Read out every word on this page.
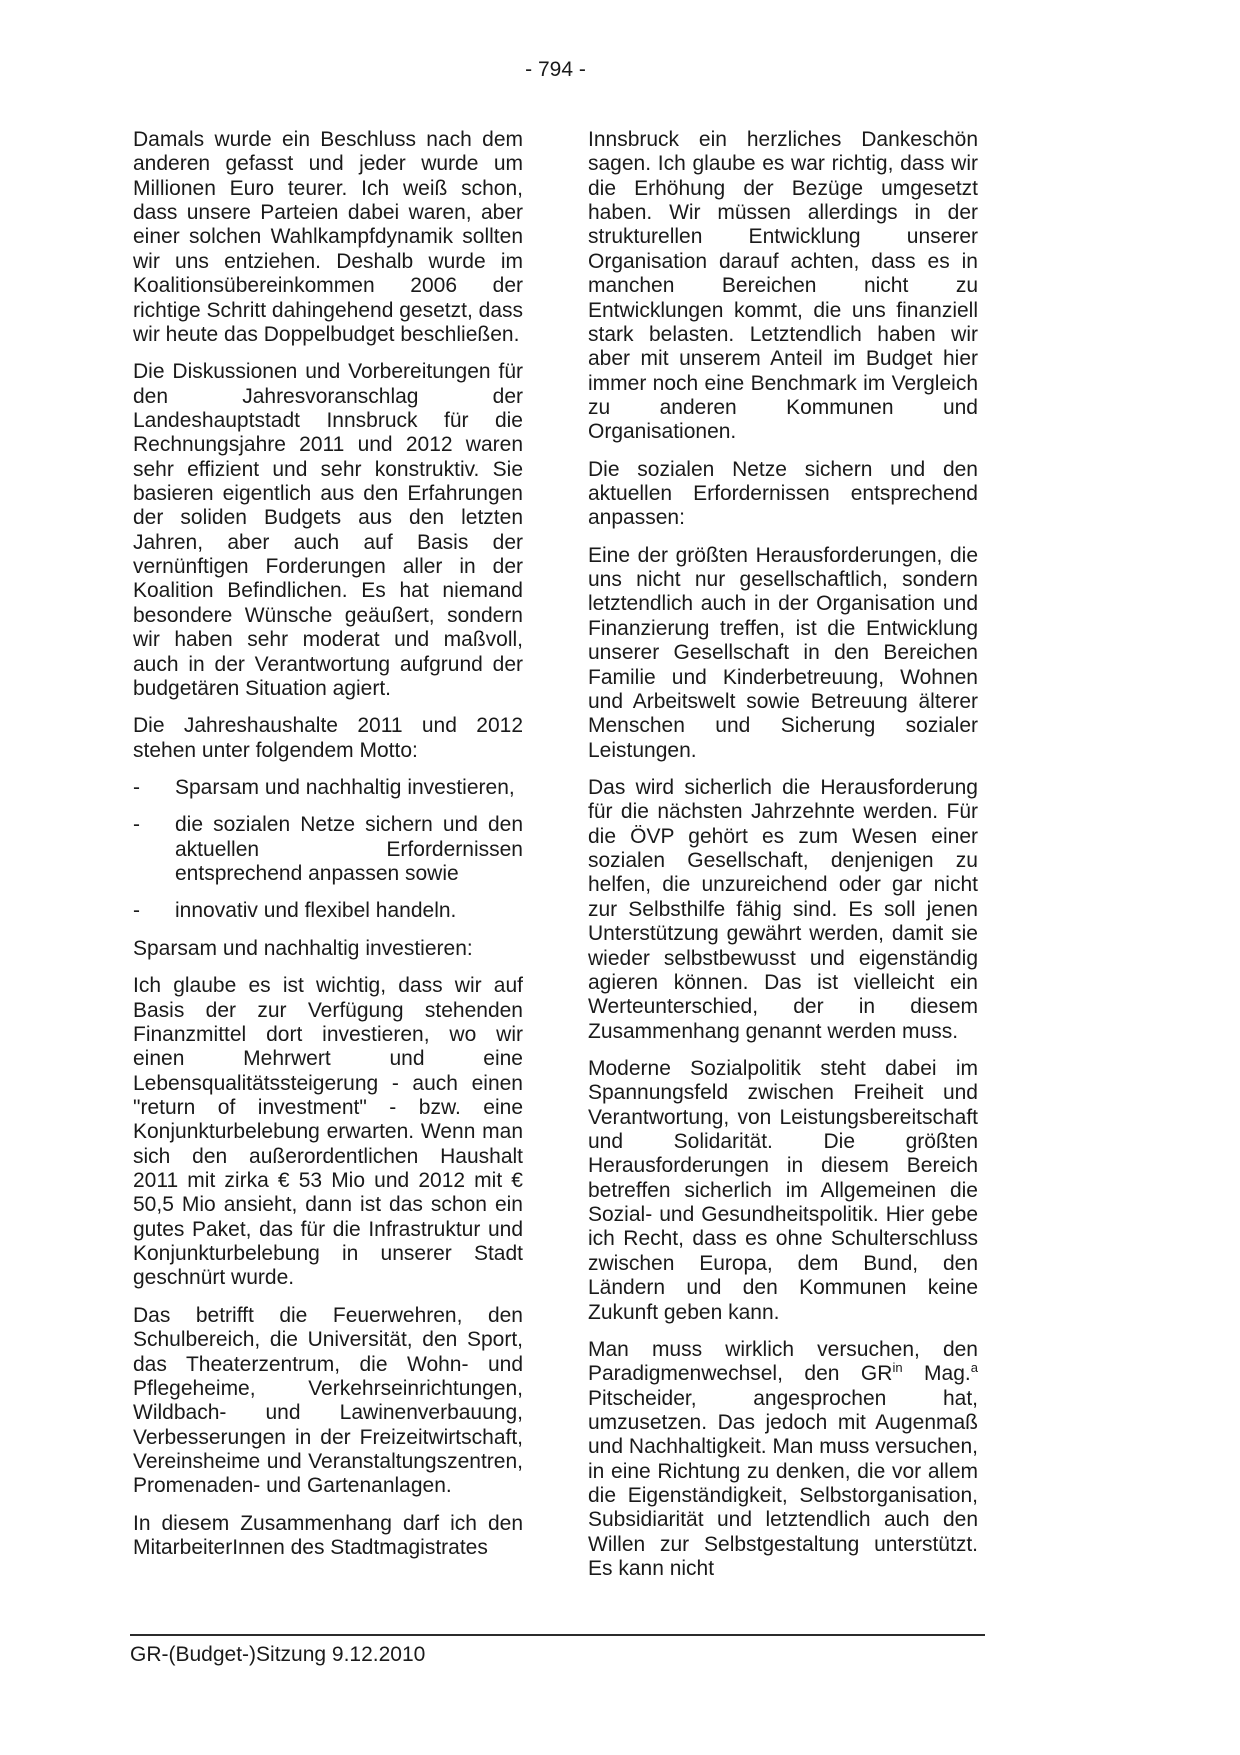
- 794 -

Damals wurde ein Beschluss nach dem anderen gefasst und jeder wurde um Millionen Euro teurer. Ich weiß schon, dass unsere Parteien dabei waren, aber einer solchen Wahlkampfdynamik sollten wir uns entziehen. Deshalb wurde im Koalitionsübereinkommen 2006 der richtige Schritt dahingehend gesetzt, dass wir heute das Doppelbudget beschließen.

Die Diskussionen und Vorbereitungen für den Jahresvoranschlag der Landeshauptstadt Innsbruck für die Rechnungsjahre 2011 und 2012 waren sehr effizient und sehr konstruktiv. Sie basieren eigentlich aus den Erfahrungen der soliden Budgets aus den letzten Jahren, aber auch auf Basis der vernünftigen Forderungen aller in der Koalition Befindlichen. Es hat niemand besondere Wünsche geäußert, sondern wir haben sehr moderat und maßvoll, auch in der Verantwortung aufgrund der budgetären Situation agiert.

Die Jahreshaushalte 2011 und 2012 stehen unter folgendem Motto:

-	Sparsam und nachhaltig investieren,
-	die sozialen Netze sichern und den aktuellen Erfordernissen entsprechend anpassen sowie
-	innovativ und flexibel handeln.

Sparsam und nachhaltig investieren:

Ich glaube es ist wichtig, dass wir auf Basis der zur Verfügung stehenden Finanzmittel dort investieren, wo wir einen Mehrwert und eine Lebensqualitätssteigerung - auch einen "return of investment" - bzw. eine Konjunkturbelebung erwarten. Wenn man sich den außerordentlichen Haushalt 2011 mit zirka € 53 Mio und 2012 mit € 50,5 Mio ansieht, dann ist das schon ein gutes Paket, das für die Infrastruktur und Konjunkturbelebung in unserer Stadt geschnürt wurde.

Das betrifft die Feuerwehren, den Schulbereich, die Universität, den Sport, das Theaterzentrum, die Wohn- und Pflegeheime, Verkehrseinrichtungen, Wildbach- und Lawinenverbauung, Verbesserungen in der Freizeitwirtschaft, Vereinsheime und Veranstaltungszentren, Promenaden- und Gartenanlagen.

In diesem Zusammenhang darf ich den MitarbeiterInnen des Stadtmagistrates

Innsbruck ein herzliches Dankeschön sagen. Ich glaube es war richtig, dass wir die Erhöhung der Bezüge umgesetzt haben. Wir müssen allerdings in der strukturellen Entwicklung unserer Organisation darauf achten, dass es in manchen Bereichen nicht zu Entwicklungen kommt, die uns finanziell stark belasten. Letztendlich haben wir aber mit unserem Anteil im Budget hier immer noch eine Benchmark im Vergleich zu anderen Kommunen und Organisationen.

Die sozialen Netze sichern und den aktuellen Erfordernissen entsprechend anpassen:

Eine der größten Herausforderungen, die uns nicht nur gesellschaftlich, sondern letztendlich auch in der Organisation und Finanzierung treffen, ist die Entwicklung unserer Gesellschaft in den Bereichen Familie und Kinderbetreuung, Wohnen und Arbeitswelt sowie Betreuung älterer Menschen und Sicherung sozialer Leistungen.

Das wird sicherlich die Herausforderung für die nächsten Jahrzehnte werden. Für die ÖVP gehört es zum Wesen einer sozialen Gesellschaft, denjenigen zu helfen, die unzureichend oder gar nicht zur Selbsthilfe fähig sind. Es soll jenen Unterstützung gewährt werden, damit sie wieder selbstbewusst und eigenständig agieren können. Das ist vielleicht ein Werteunterschied, der in diesem Zusammenhang genannt werden muss.

Moderne Sozialpolitik steht dabei im Spannungsfeld zwischen Freiheit und Verantwortung, von Leistungsbereitschaft und Solidarität. Die größten Herausforderungen in diesem Bereich betreffen sicherlich im Allgemeinen die Sozial- und Gesundheitspolitik. Hier gebe ich Recht, dass es ohne Schulterschluss zwischen Europa, dem Bund, den Ländern und den Kommunen keine Zukunft geben kann.

Man muss wirklich versuchen, den Paradigmenwechsel, den $GR^{in}$ Mag.$^a$ Pitscheider, angesprochen hat, umzusetzen. Das jedoch mit Augenmaß und Nachhaltigkeit. Man muss versuchen, in eine Richtung zu denken, die vor allem die Eigenständigkeit, Selbstorganisation, Subsidiarität und letztendlich auch den Willen zur Selbstgestaltung unterstützt. Es kann nicht

GR-(Budget-)Sitzung 9.12.2010
